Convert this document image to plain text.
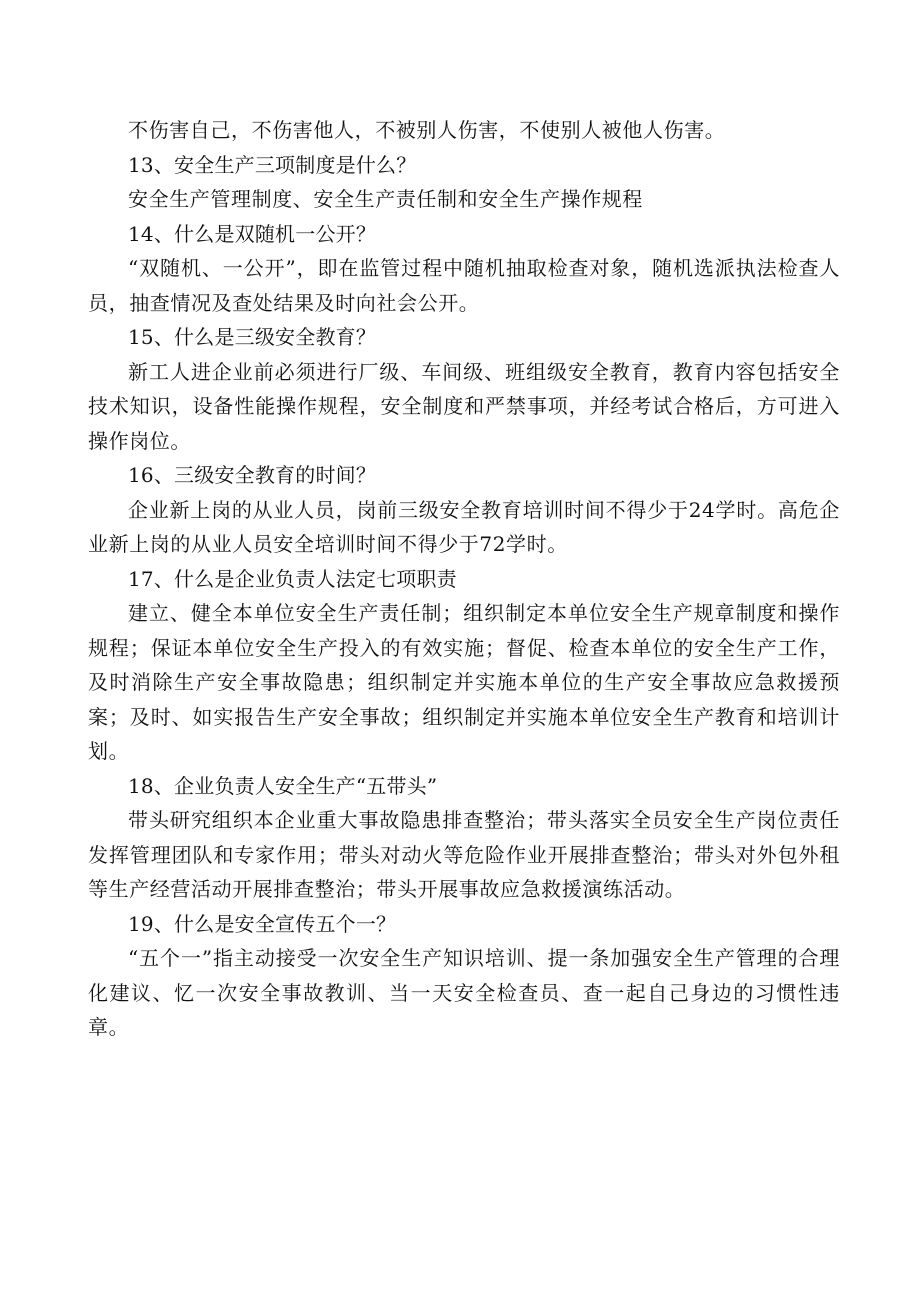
不伤害自己，不伤害他人，不被别人伤害，不使别人被他人伤害。

13、安全生产三项制度是什么？

安全生产管理制度、安全生产责任制和安全生产操作规程

14、什么是双随机一公开？

“双随机、一公开”，即在监管过程中随机抽取检查对象，随机选派执法检查人员，抽查情况及查处结果及时向社会公开。

15、什么是三级安全教育？

新工人进企业前必须进行厂级、车间级、班组级安全教育，教育内容包括安全技术知识，设备性能操作规程，安全制度和严禁事项，并经考试合格后，方可进入操作岗位。

16、三级安全教育的时间？

企业新上岗的从业人员，岗前三级安全教育培训时间不得少于24学时。高危企业新上岗的从业人员安全培训时间不得少于72学时。

17、什么是企业负责人法定七项职责

建立、健全本单位安全生产责任制；组织制定本单位安全生产规章制度和操作规程；保证本单位安全生产投入的有效实施；督促、检查本单位的安全生产工作，及时消除生产安全事故隐患；组织制定并实施本单位的生产安全事故应急救援预案；及时、如实报告生产安全事故；组织制定并实施本单位安全生产教育和培训计划。

18、企业负责人安全生产“五带头”

带头研究组织本企业重大事故隐患排查整治；带头落实全员安全生产岗位责任发挥管理团队和专家作用；带头对动火等危险作业开展排查整治；带头对外包外租等生产经营活动开展排查整治；带头开展事故应急救援演练活动。

19、什么是安全宣传五个一？

“五个一”指主动接受一次安全生产知识培训、提一条加强安全生产管理的合理化建议、忆一次安全事故教训、当一天安全检查员、查一起自己身边的习惯性违章。
